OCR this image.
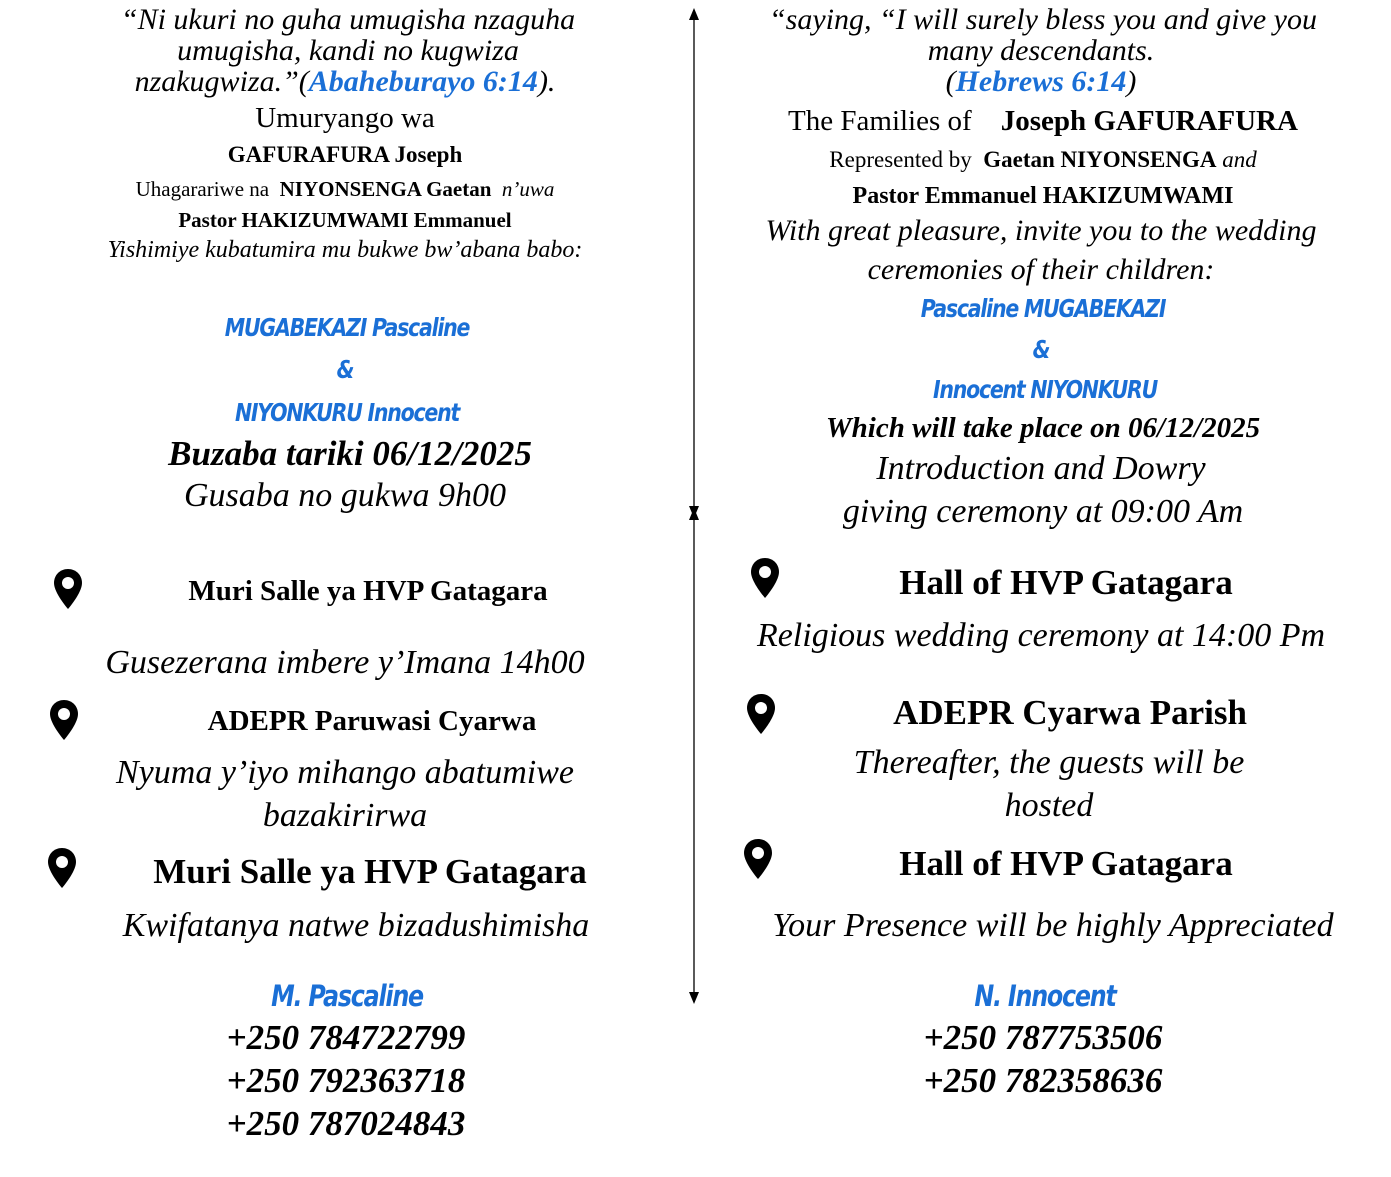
“Ni ukuri no guha umugisha nzaguha
umugisha, kandi no kugwiza
nzakugwiza.”(Abaheburayo 6:14).
Umuryango wa
GAFURAFURA Joseph
Uhagarariwe na NIYONSENGA Gaetan n’uwa
Pastor HAKIZUMWAMI Emmanuel
Yishimiye kubatumira mu bukwe bw’abana babo:
MUGABEKAZI Pascaline
&
NIYONKURU Innocent
Buzaba tariki 06/12/2025
Gusaba no gukwa 9h00
Muri Salle ya HVP Gatagara
Gusezerana imbere y’Imana 14h00
ADEPR Paruwasi Cyarwa
Nyuma y’iyo mihango abatumiwe
bazakirirwa
Muri Salle ya HVP Gatagara
Kwifatanya natwe bizadushimisha
M. Pascaline
+250 784722799
+250 792363718
+250 787024843
“saying, “I will surely bless you and give you
many descendants.
(Hebrews 6:14)
The Families of Joseph GAFURAFURA
Represented by Gaetan NIYONSENGA and
Pastor Emmanuel HAKIZUMWAMI
With great pleasure, invite you to the wedding
ceremonies of their children:
Pascaline MUGABEKAZI
&
Innocent NIYONKURU
Which will take place on 06/12/2025
Introduction and Dowry
giving ceremony at 09:00 Am
Hall of HVP Gatagara
Religious wedding ceremony at 14:00 Pm
ADEPR Cyarwa Parish
Thereafter, the guests will be
hosted
Hall of HVP Gatagara
Your Presence will be highly Appreciated
N. Innocent
+250 787753506
+250 782358636
